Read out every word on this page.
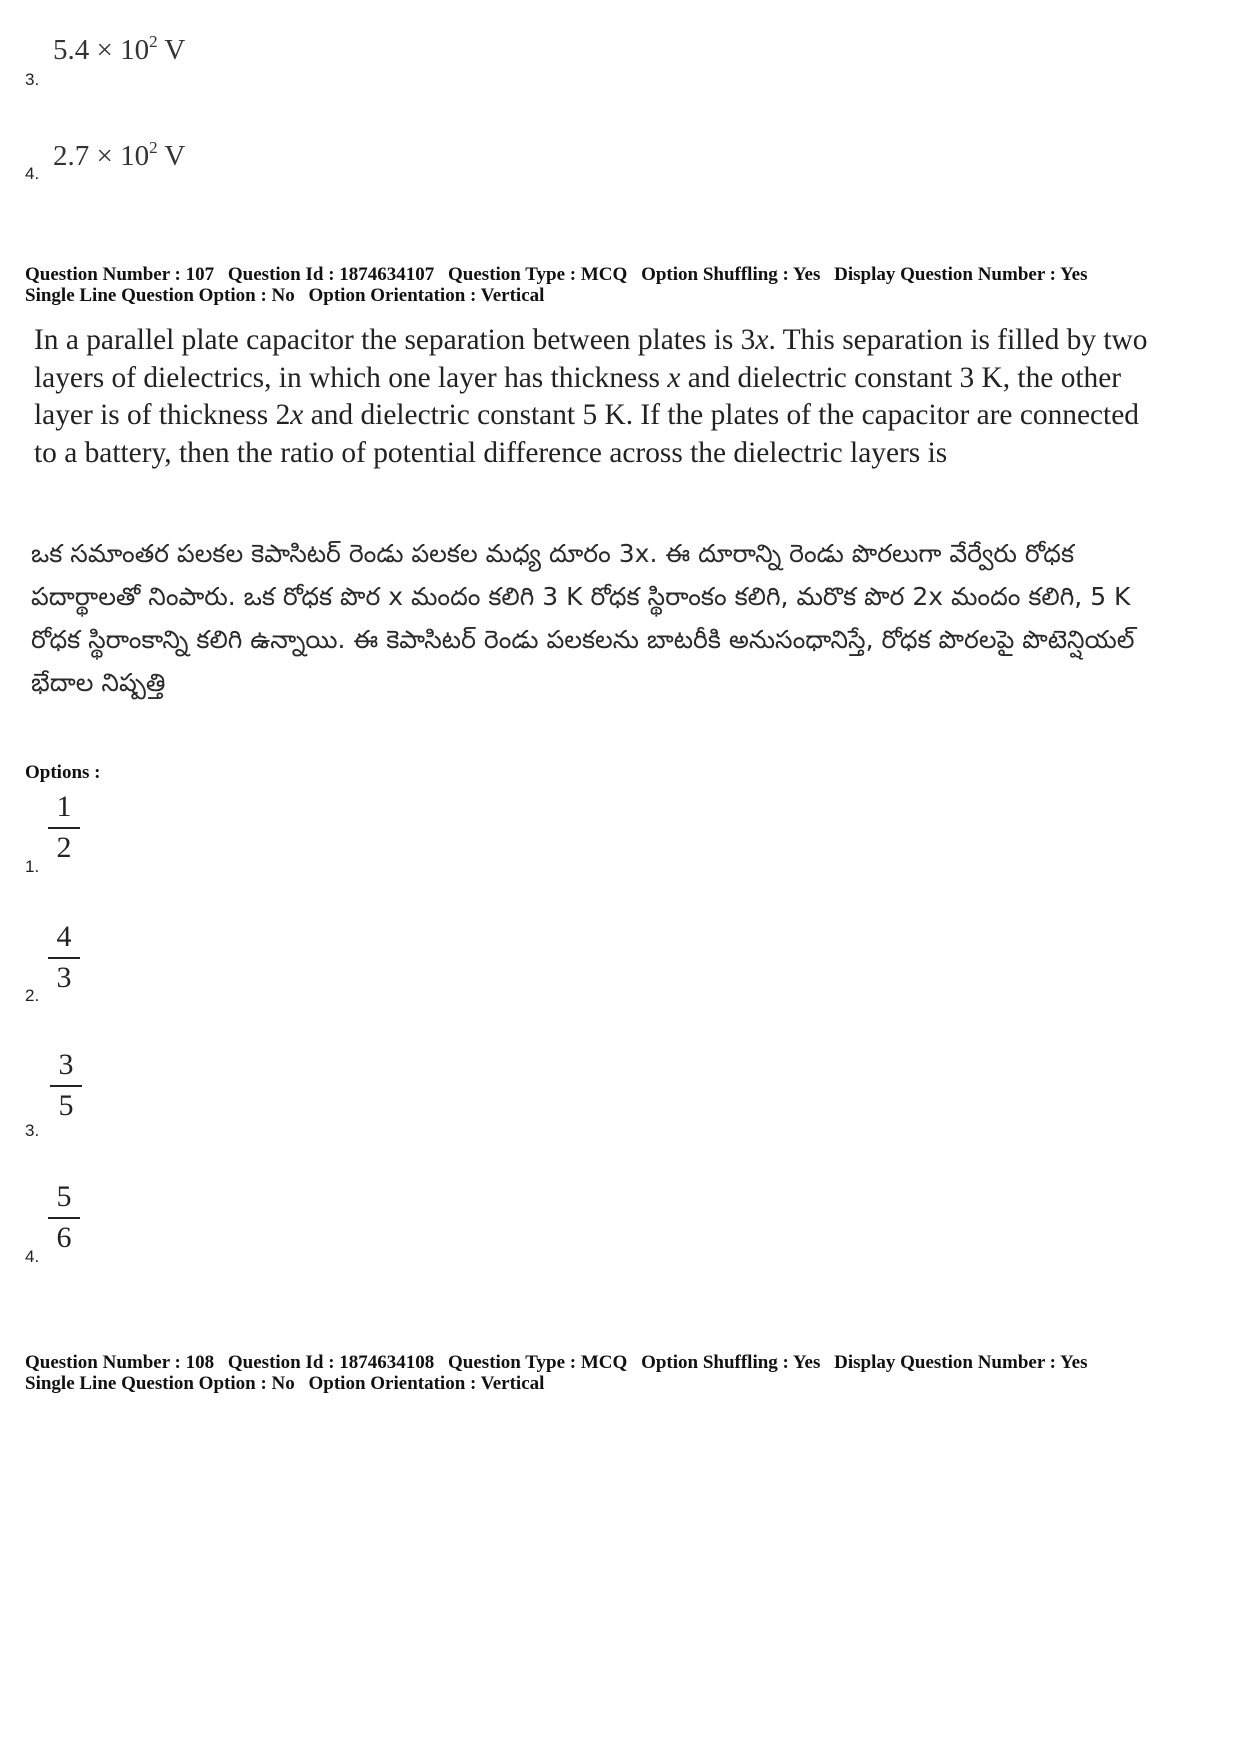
$5.4 \times 10^2$ V
3.
$2.7 \times 10^2$ V
4.
Question Number : 107 Question Id : 1874634107 Question Type : MCQ Option Shuffling : Yes Display Question Number : Yes
Single Line Question Option : No Option Orientation : Vertical
In a parallel plate capacitor the separation between plates is 3x. This separation is filled by two layers of dielectrics, in which one layer has thickness x and dielectric constant 3 K, the other layer is of thickness 2x and dielectric constant 5 K. If the plates of the capacitor are connected to a battery, then the ratio of potential difference across the dielectric layers is
ఒక సమాంతర పలకల కెపాసిటర్ రెండు పలకల మధ్య దూరం 3x. ఈ దూరాన్ని రెండు పొరలుగా వేర్వేరు రోధక పదార్థాలతో నింపారు. ఒక రోధక పొర x మందం కలిగి 3 K రోధక స్థిరాంకం కలిగి, మరొక పొర 2x మందం కలిగి, 5 K రోధక స్థిరాంకాన్ని కలిగి ఉన్నాయి. ఈ కెపాసిటర్ రెండు పలకలను బాటరీకి అనుసంధానిస్తే, రోధక పొరలపై పొటెన్షియల్ భేదాల నిష్పత్తి
Options :
1
2
1.
4
3
2.
3
5
3.
5
6
4.
Question Number : 108 Question Id : 1874634108 Question Type : MCQ Option Shuffling : Yes Display Question Number : Yes
Single Line Question Option : No Option Orientation : Vertical
